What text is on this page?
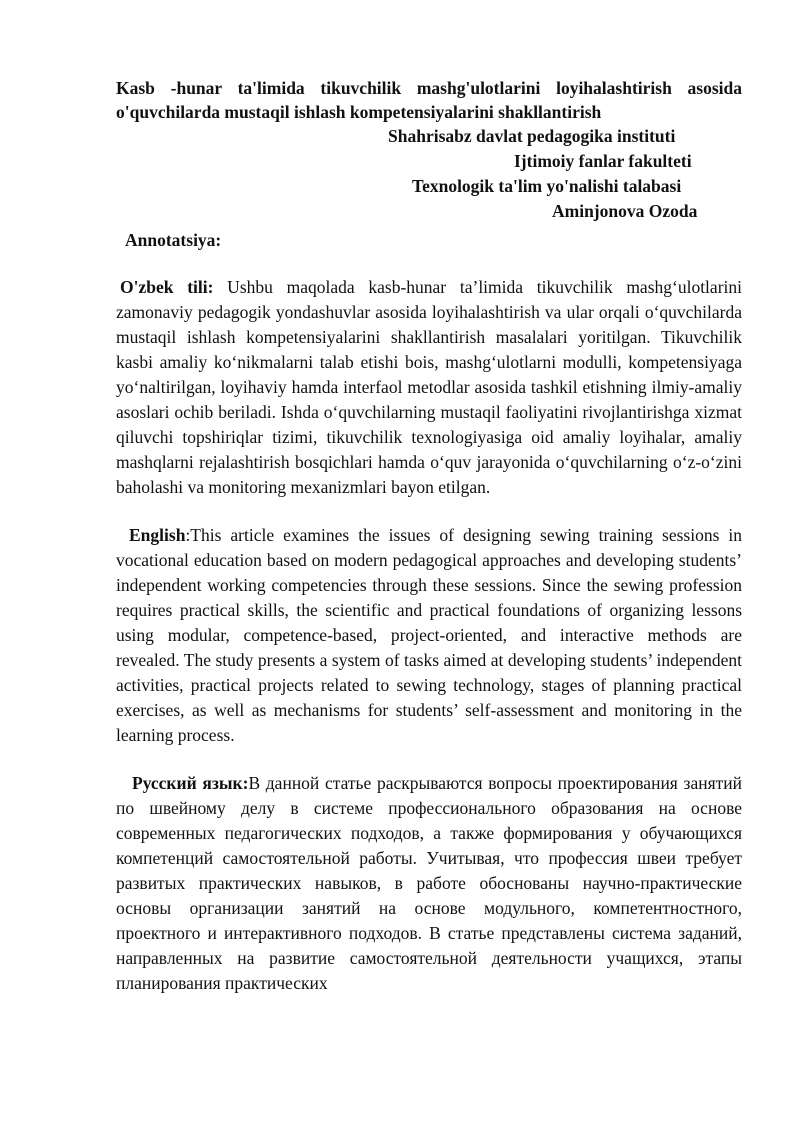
Kasb -hunar ta'limida tikuvchilik mashg'ulotlarini loyihalashtirish asosida o'quvchilarda mustaqil ishlash kompetensiyalarini shakllantirish

Shahrisabz davlat pedagogika instituti

Ijtimoiy fanlar fakulteti

Texnologik ta'lim yo'nalishi talabasi

Aminjonova Ozoda

Annotatsiya:

O'zbek tili: Ushbu maqolada kasb-hunar ta’limida tikuvchilik mashg‘ulotlarini zamonaviy pedagogik yondashuvlar asosida loyihalashtirish va ular orqali o‘quvchilarda mustaqil ishlash kompetensiyalarini shakllantirish masalalari yoritilgan. Tikuvchilik kasbi amaliy ko‘nikmalarni talab etishi bois, mashg‘ulotlarni modulli, kompetensiyaga yo‘naltirilgan, loyihaviy hamda interfaol metodlar asosida tashkil etishning ilmiy-amaliy asoslari ochib beriladi. Ishda o‘quvchilarning mustaqil faoliyatini rivojlantirishga xizmat qiluvchi topshiriqlar tizimi, tikuvchilik texnologiyasiga oid amaliy loyihalar, amaliy mashqlarni rejalashtirish bosqichlari hamda o‘quv jarayonida o‘quvchilarning o‘z-o‘zini baholashi va monitoring mexanizmlari bayon etilgan.

English:This article examines the issues of designing sewing training sessions in vocational education based on modern pedagogical approaches and developing students’ independent working competencies through these sessions. Since the sewing profession requires practical skills, the scientific and practical foundations of organizing lessons using modular, competence-based, project-oriented, and interactive methods are revealed. The study presents a system of tasks aimed at developing students’ independent activities, practical projects related to sewing technology, stages of planning practical exercises, as well as mechanisms for students’ self-assessment and monitoring in the learning process.

Русский язык:В данной статье раскрываются вопросы проектирования занятий по швейному делу в системе профессионального образования на основе современных педагогических подходов, а также формирования у обучающихся компетенций самостоятельной работы. Учитывая, что профессия швеи требует развитых практических навыков, в работе обоснованы научно-практические основы организации занятий на основе модульного, компетентностного, проектного и интерактивного подходов. В статье представлены система заданий, направленных на развитие самостоятельной деятельности учащихся, этапы планирования практических
